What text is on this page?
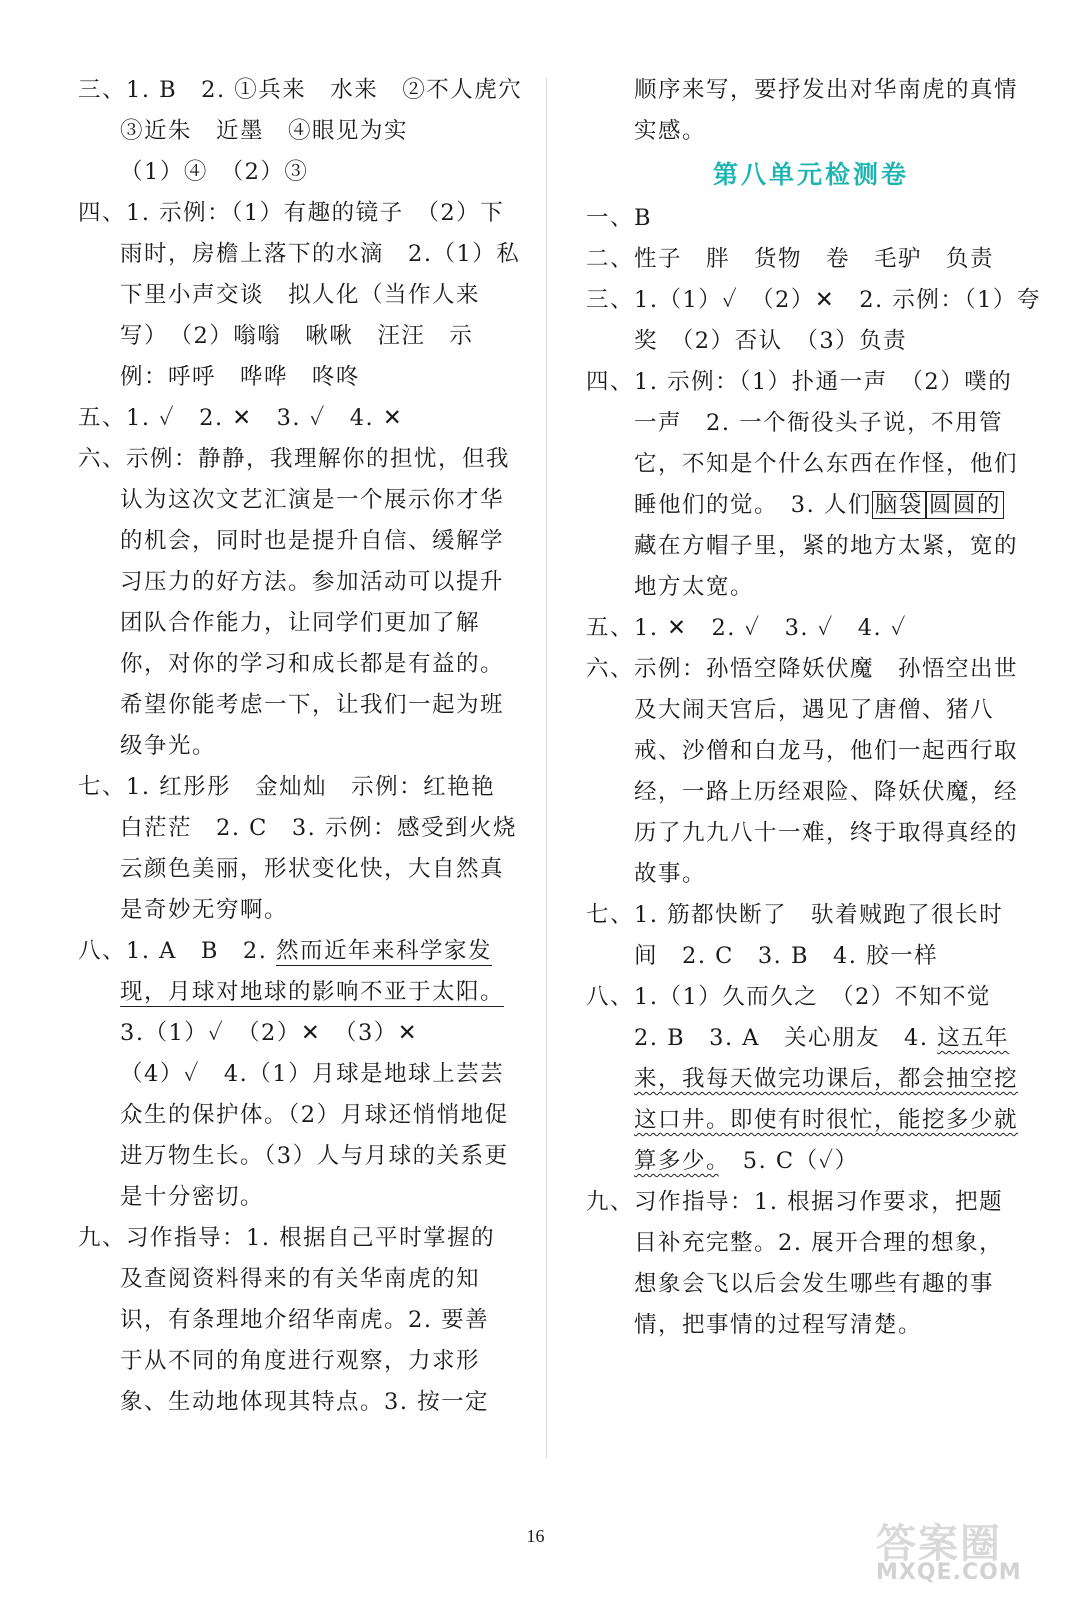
三、1. B　2. ①兵来　水来　②不人虎穴
③近朱　近墨　④眼见为实
（1）④　（2）③
四、1. 示例：（1）有趣的镜子　（2）下
雨时，房檐上落下的水滴　2.（1）私
下里小声交谈　拟人化（当作人来
写）　（2）嗡嗡　啾啾　汪汪　示
例：呼呼　哗哗　咚咚
五、1. ✓　2. ✕　3. ✓　4. ✕
六、示例：静静，我理解你的担忧，但我
认为这次文艺汇演是一个展示你才华
的机会，同时也是提升自信、缓解学
习压力的好方法。参加活动可以提升
团队合作能力，让同学们更加了解
你，对你的学习和成长都是有益的。
希望你能考虑一下，让我们一起为班
级争光。
七、1. 红彤彤　金灿灿　示例：红艳艳
白茫茫　2. C　3. 示例：感受到火烧
云颜色美丽，形状变化快，大自然真
是奇妙无穷啊。
八、1. A　B　2. 然而近年来科学家发
现，月球对地球的影响不亚于太阳。
3.（1）✓　（2）✕　（3）✕
（4）✓　4.（1）月球是地球上芸芸
众生的保护体。（2）月球还悄悄地促
进万物生长。（3）人与月球的关系更
是十分密切。
九、习作指导：1. 根据自己平时掌握的
及查阅资料得来的有关华南虎的知
识，有条理地介绍华南虎。2. 要善
于从不同的角度进行观察，力求形
象、生动地体现其特点。3. 按一定
顺序来写，要抒发出对华南虎的真情
实感。
第八单元检测卷
一、B
二、性子　胖　货物　卷　毛驴　负责
三、1.（1）✓　（2）✕　2. 示例：（1）夸
奖　（2）否认　（3）负责
四、1. 示例：（1）扑通一声　（2）噗的
一声　2. 一个衙役头子说，不用管
它，不知是个什么东西在作怪，他们
睡他们的觉。　3. 人们 脑袋 圆圆的
藏在方帽子里，紧的地方太紧，宽的
地方太宽。
五、1. ✕　2. ✓　3. ✓　4. ✓
六、示例：孙悟空降妖伏魔　孙悟空出世
及大闹天宫后，遇见了唐僧、猪八
戒、沙僧和白龙马，他们一起西行取
经，一路上历经艰险、降妖伏魔，经
历了九九八十一难，终于取得真经的
故事。
七、1. 筋都快断了　驮着贼跑了很长时
间　2. C　3. B　4. 胶一样
八、1.（1）久而久之　（2）不知不觉
2. B　3. A　关心朋友　4. 这五年
来，我每天做完功课后，都会抽空挖
这口井。即使有时很忙，能挖多少就
算多少。　5. C（✓）
九、习作指导：1. 根据习作要求，把题
目补充完整。2. 展开合理的想象，
想象会飞以后会发生哪些有趣的事
情，把事情的过程写清楚。
16	答案圈
MXQE.COM
